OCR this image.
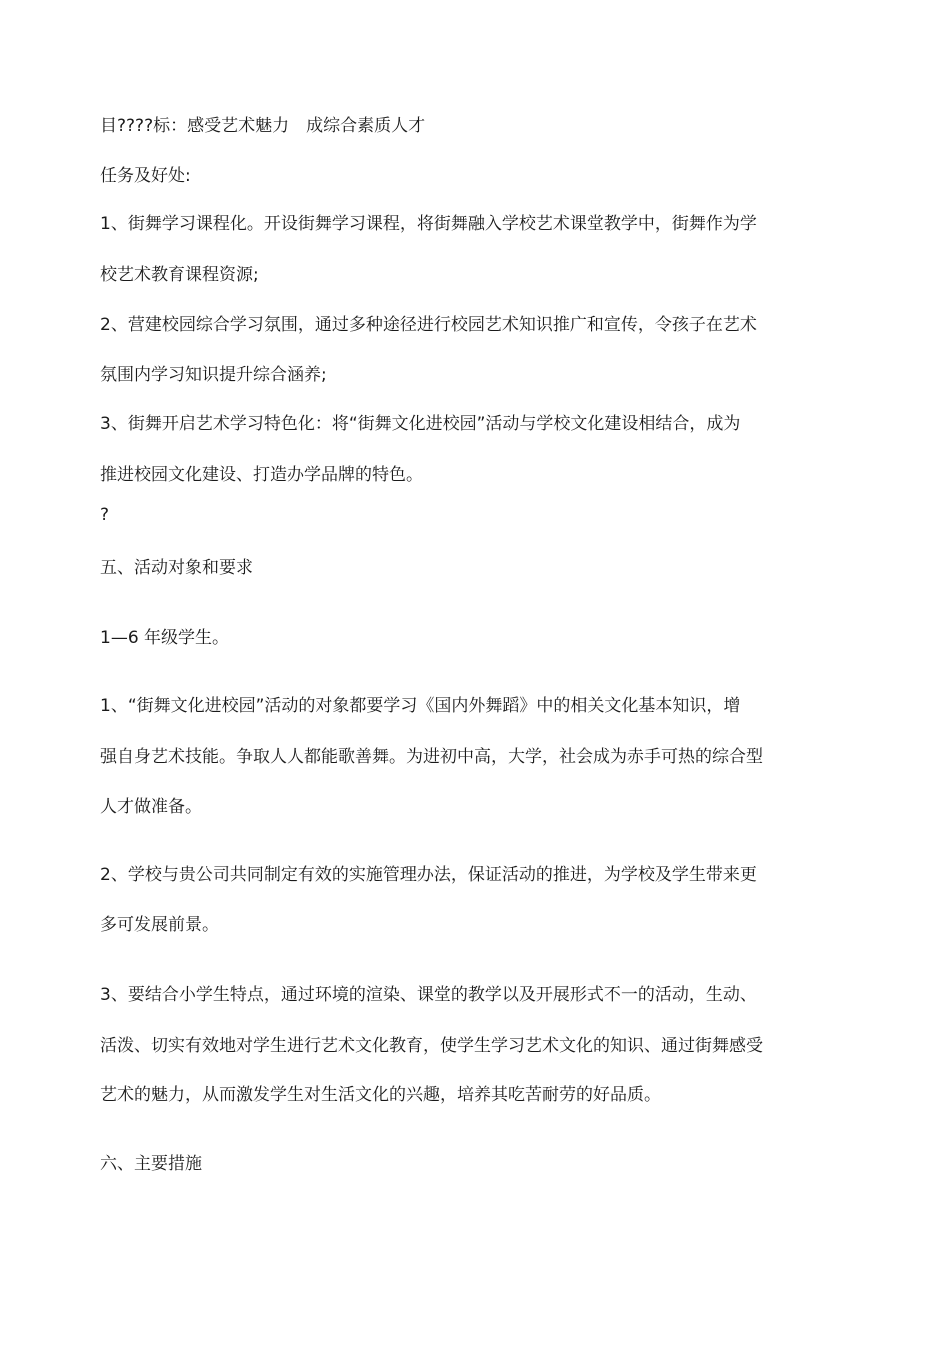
目????标：感受艺术魅力　成综合素质人才
任务及好处:
1、街舞学习课程化。开设街舞学习课程，将街舞融入学校艺术课堂教学中，街舞作为学
校艺术教育课程资源;
2、营建校园综合学习氛围，通过多种途径进行校园艺术知识推广和宣传，令孩子在艺术
氛围内学习知识提升综合涵养;
3、街舞开启艺术学习特色化：将“街舞文化进校园”活动与学校文化建设相结合，成为
推进校园文化建设、打造办学品牌的特色。
?
五、活动对象和要求
1—6 年级学生。
1、“街舞文化进校园”活动的对象都要学习《国内外舞蹈》中的相关文化基本知识，增
强自身艺术技能。争取人人都能歌善舞。为进初中高，大学，社会成为赤手可热的综合型
人才做准备。
2、学校与贵公司共同制定有效的实施管理办法，保证活动的推进，为学校及学生带来更
多可发展前景。
3、要结合小学生特点，通过环境的渲染、课堂的教学以及开展形式不一的活动，生动、
活泼、切实有效地对学生进行艺术文化教育，使学生学习艺术文化的知识、通过街舞感受
艺术的魅力，从而激发学生对生活文化的兴趣，培养其吃苦耐劳的好品质。
六、主要措施
